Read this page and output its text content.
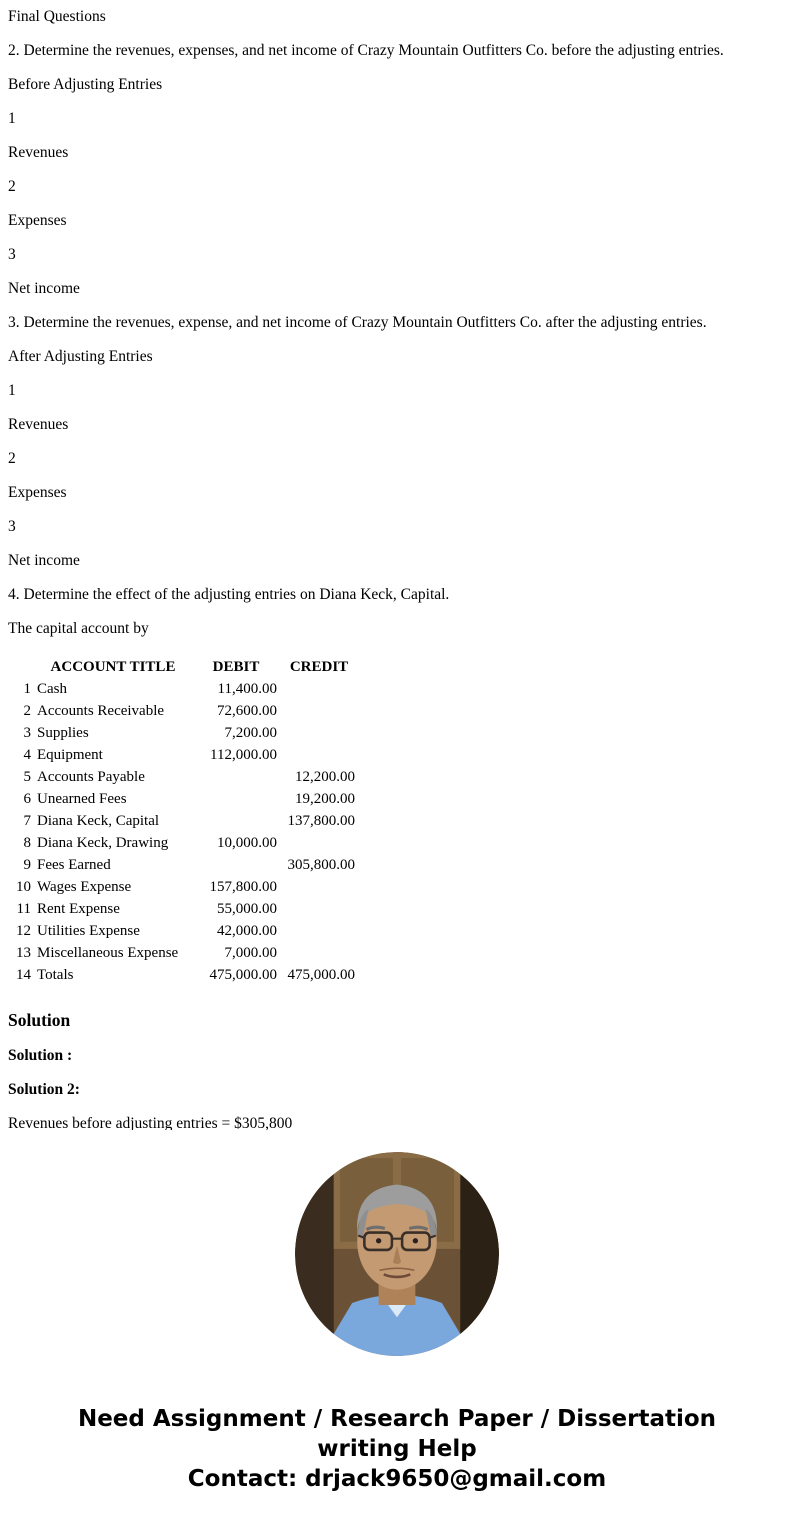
Final Questions

2. Determine the revenues, expenses, and net income of Crazy Mountain Outfitters Co. before the adjusting entries.

Before Adjusting Entries

1

Revenues

2

Expenses

3

Net income

3. Determine the revenues, expense, and net income of Crazy Mountain Outfitters Co. after the adjusting entries.

After Adjusting Entries

1

Revenues

2

Expenses

3

Net income

4. Determine the effect of the adjusting entries on Diana Keck, Capital.

The capital account by

	ACCOUNT TITLE	DEBIT	CREDIT
1	Cash	11,400.00	
2	Accounts Receivable	72,600.00	
3	Supplies	7,200.00	
4	Equipment	112,000.00	
5	Accounts Payable		12,200.00
6	Unearned Fees		19,200.00
7	Diana Keck, Capital		137,800.00
8	Diana Keck, Drawing	10,000.00	
9	Fees Earned		305,800.00
10	Wages Expense	157,800.00	
11	Rent Expense	55,000.00	
12	Utilities Expense	42,000.00	
13	Miscellaneous Expense	7,000.00	
14	Totals	475,000.00	475,000.00
Solution

Solution :

Solution 2:

Revenues before adjusting entries = $305,800

Need Assignment / Research Paper / Dissertation writing Help
Contact: drjack9650@gmail.com
